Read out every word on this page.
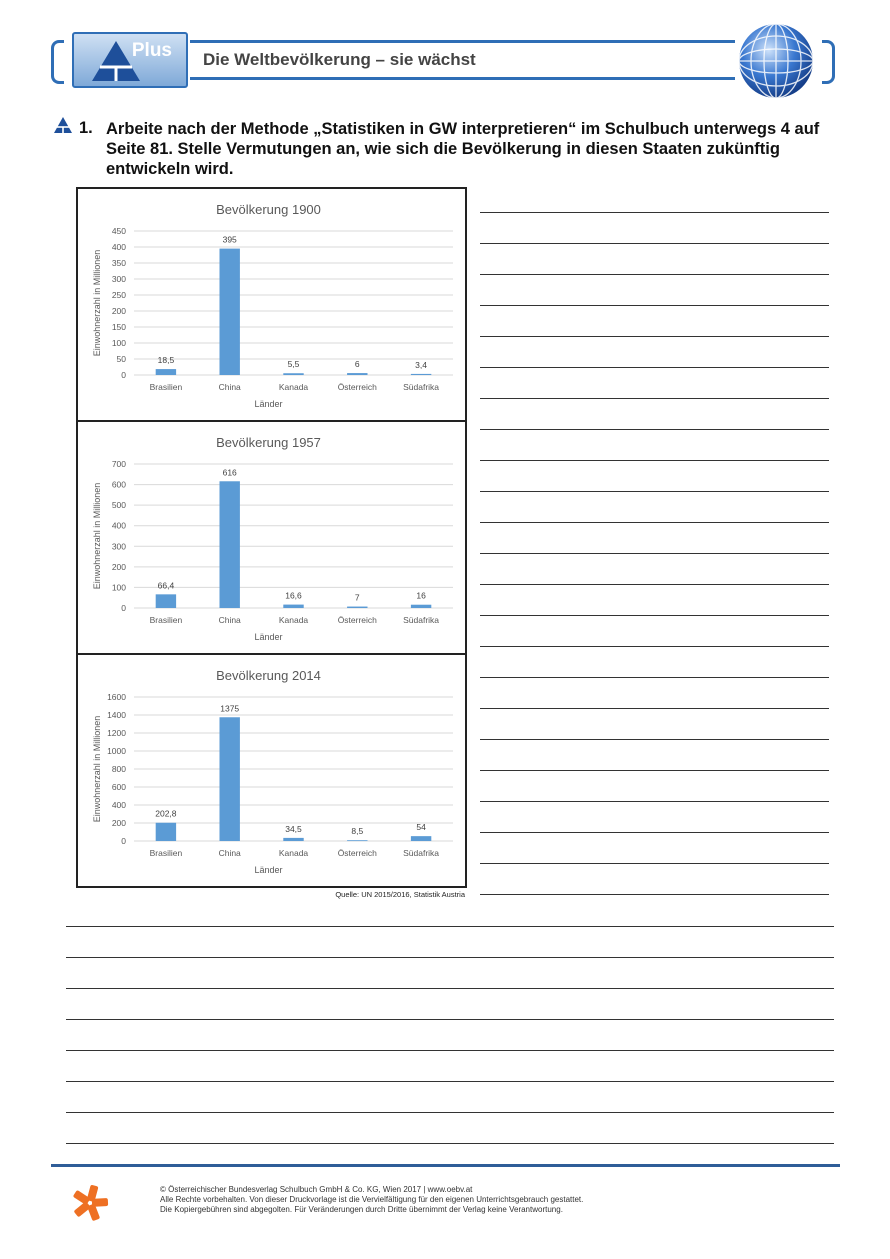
Plus Die Weltbevölkerung – sie wächst
1. Arbeite nach der Methode „Statistiken in GW interpretieren“ im Schulbuch unterwegs 4 auf Seite 81. Stelle Vermutungen an, wie sich die Bevölkerung in diesen Staaten zukünftig entwickeln wird.
Bevölkerung 1900
0
50
100
150
200
250
300
350
400
450
18,5
Brasilien
395
China
5,5
Kanada
6
Österreich
3,4
Südafrika
Länder
Einwohnerzahl in Millionen
Bevölkerung 1957
0
100
200
300
400
500
600
700
66,4
Brasilien
616
China
16,6
Kanada
7
Österreich
16
Südafrika
Länder
Einwohnerzahl in Millionen
Bevölkerung 2014
0
200
400
600
800
1000
1200
1400
1600
202,8
Brasilien
1375
China
34,5
Kanada
8,5
Österreich
54
Südafrika
Länder
Einwohnerzahl in Millionen
Quelle: UN 2015/2016, Statistik Austria
© Österreichischer Bundesverlag Schulbuch GmbH & Co. KG, Wien 2017 | www.oebv.at
Alle Rechte vorbehalten. Von dieser Druckvorlage ist die Vervielfältigung für den eigenen Unterrichtsgebrauch gestattet.
Die Kopiergebühren sind abgegolten. Für Veränderungen durch Dritte übernimmt der Verlag keine Verantwortung.
